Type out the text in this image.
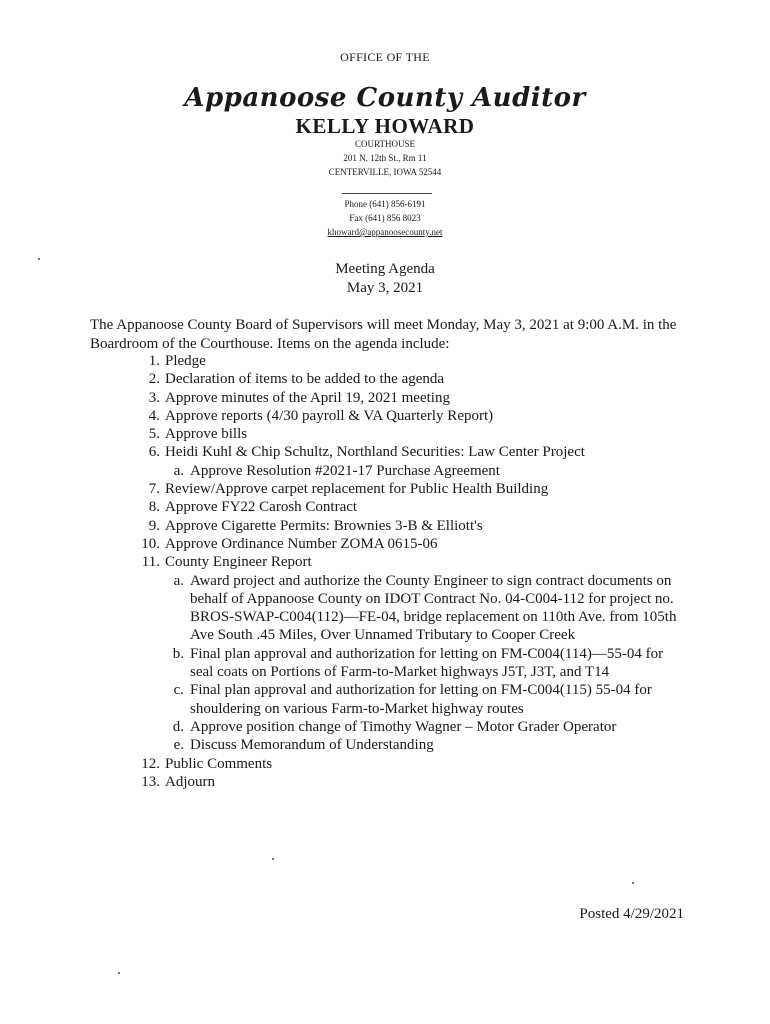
OFFICE OF THE
Appanoose County Auditor
KELLY HOWARD
COURTHOUSE
201 N. 12th St., Rm 11
CENTERVILLE, IOWA 52544
Phone (641) 856-6191
Fax (641) 856 8023
khoward@appanoosecounty.net
Meeting Agenda
May 3, 2021
The Appanoose County Board of Supervisors will meet Monday, May 3, 2021 at 9:00 A.M. in the Boardroom of the Courthouse. Items on the agenda include:
1. Pledge
2. Declaration of items to be added to the agenda
3. Approve minutes of the April 19, 2021 meeting
4. Approve reports (4/30 payroll & VA Quarterly Report)
5. Approve bills
6. Heidi Kuhl & Chip Schultz, Northland Securities: Law Center Project
a. Approve Resolution #2021-17 Purchase Agreement
7. Review/Approve carpet replacement for Public Health Building
8. Approve FY22 Carosh Contract
9. Approve Cigarette Permits: Brownies 3-B & Elliott's
10. Approve Ordinance Number ZOMA 0615-06
11. County Engineer Report
a. Award project and authorize the County Engineer to sign contract documents on behalf of Appanoose County on IDOT Contract No. 04-C004-112 for project no. BROS-SWAP-C004(112)—FE-04, bridge replacement on 110th Ave. from 105th Ave South .45 Miles, Over Unnamed Tributary to Cooper Creek
b. Final plan approval and authorization for letting on FM-C004(114)—55-04 for seal coats on Portions of Farm-to-Market highways J5T, J3T, and T14
c. Final plan approval and authorization for letting on FM-C004(115) 55-04 for shouldering on various Farm-to-Market highway routes
d. Approve position change of Timothy Wagner – Motor Grader Operator
e. Discuss Memorandum of Understanding
12. Public Comments
13. Adjourn
Posted 4/29/2021
